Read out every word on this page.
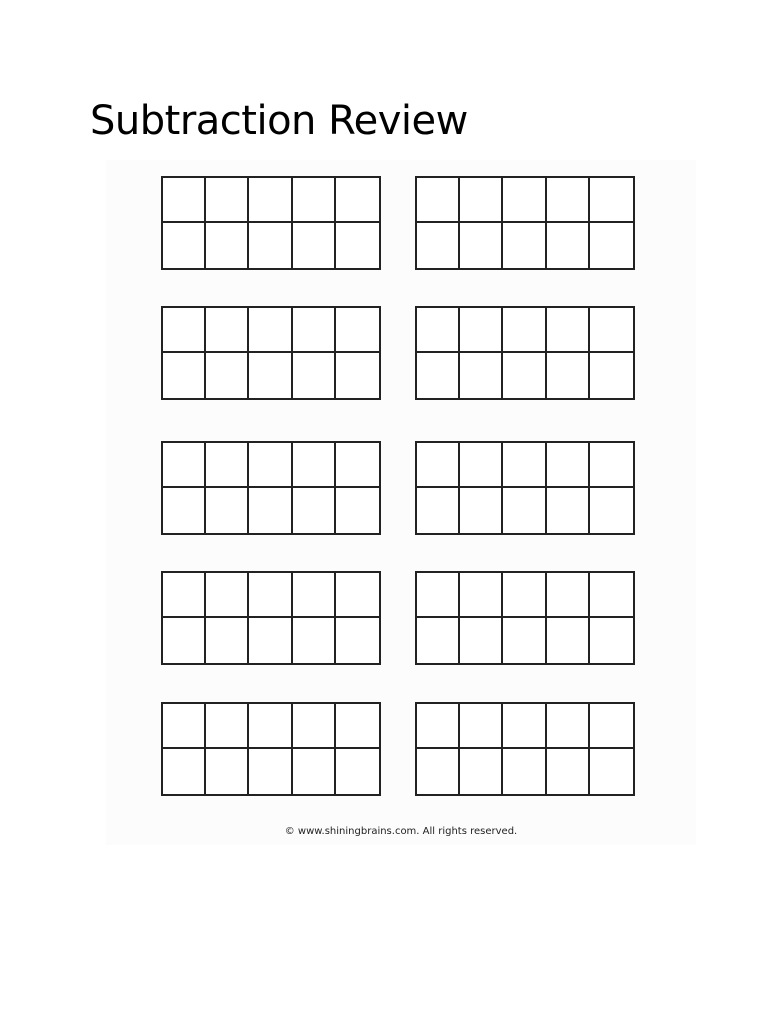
Subtraction Review
© www.shiningbrains.com. All rights reserved.
